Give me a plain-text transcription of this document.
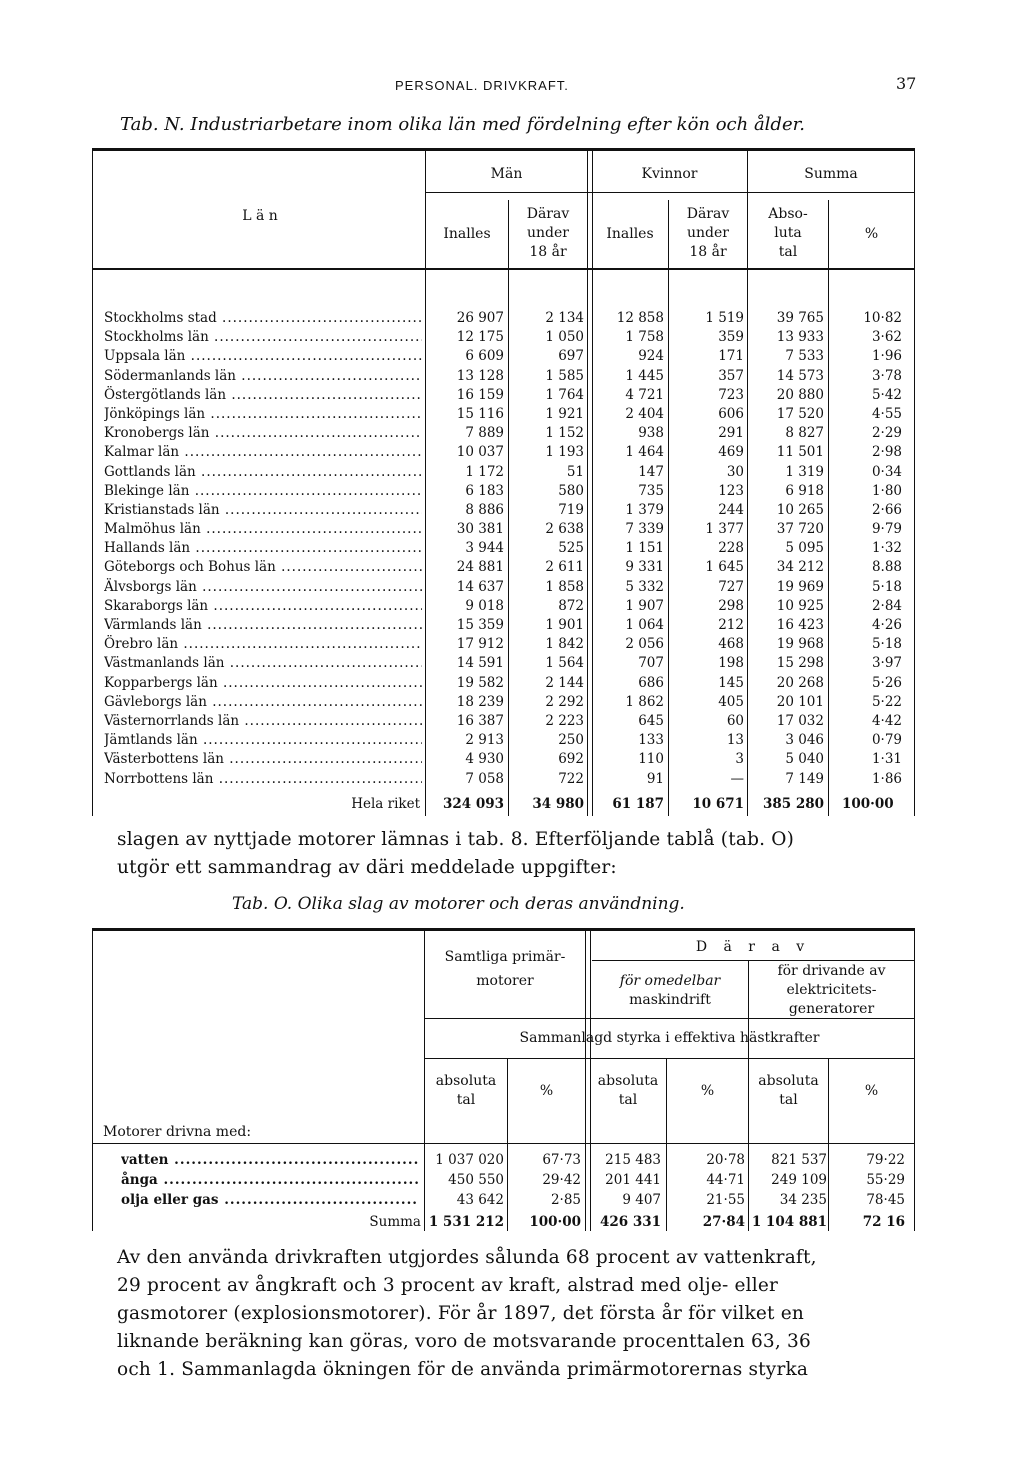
PERSONAL. DRIVKRAFT.	37
Tab. N. Industriarbetare inom olika län med fördelning efter kön och ålder.
L ä n
Män	Kvinnor	Summa
Inalles
Därav
under
18 år
Inalles
Därav
under
18 år
Abso-
luta
tal
%
Stockholms stad .....	26 907	2 134	12 858	1 519	39 765	10·82
Stockholms län .....	12 175	1 050	1 758	359	13 933	3·62
Uppsala län .....	6 609	697	924	171	7 533	1·96
Södermanlands län .....	13 128	1 585	1 445	357	14 573	3·78
Östergötlands län .....	16 159	1 764	4 721	723	20 880	5·42
Jönköpings län .....	15 116	1 921	2 404	606	17 520	4·55
Kronobergs län .....	7 889	1 152	938	291	8 827	2·29
Kalmar län .....	10 037	1 193	1 464	469	11 501	2·98
Gottlands län .....	1 172	51	147	30	1 319	0·34
Blekinge län .....	6 183	580	735	123	6 918	1·80
Kristianstads län .....	8 886	719	1 379	244	10 265	2·66
Malmöhus län .....	30 381	2 638	7 339	1 377	37 720	9·79
Hallands län .....	3 944	525	1 151	228	5 095	1·32
Göteborgs och Bohus län .....	24 881	2 611	9 331	1 645	34 212	8.88
Älvsborgs län .....	14 637	1 858	5 332	727	19 969	5·18
Skaraborgs län .....	9 018	872	1 907	298	10 925	2·84
Värmlands län .....	15 359	1 901	1 064	212	16 423	4·26
Örebro län .....	17 912	1 842	2 056	468	19 968	5·18
Västmanlands län .....	14 591	1 564	707	198	15 298	3·97
Kopparbergs län .....	19 582	2 144	686	145	20 268	5·26
Gävleborgs län .....	18 239	2 292	1 862	405	20 101	5·22
Västernorrlands län .....	16 387	2 223	645	60	17 032	4·42
Jämtlands län .....	2 913	250	133	13	3 046	0·79
Västerbottens län .....	4 930	692	110	3	5 040	1·31
Norrbottens län .....	7 058	722	91	—	7 149	1·86
Hela riket	324 093	34 980	61 187	10 671	385 280	100·00
slagen av nyttjade motorer lämnas i tab. 8. Efterföljande tablå (tab. O)
utgör ett sammandrag av däri meddelade uppgifter:
Tab. O. Olika slag av motorer och deras användning.
Samtliga primär-
motorer
D ä r a v
för omedelbar
maskindrift
för drivande av
elektricitets-
generatorer
Sammanlagd styrka i effektiva hästkrafter
absoluta
tal
%
absoluta
tal
%
absoluta
tal
%
Motorer drivna med:
vatten .....	1 037 020	67·73	215 483	20·78	821 537	79·22
ånga .....	450 550	29·42	201 441	44·71	249 109	55·29
olja eller gas .....	43 642	2·85	9 407	21·55	34 235	78·45
Summa 1 531 212	100·00	426 331	27·84 1 104 881	72 16
Av den använda drivkraften utgjordes sålunda 68 procent av vattenkraft,
29 procent av ångkraft och 3 procent av kraft, alstrad med olje- eller
gasmotorer (explosionsmotorer). För år 1897, det första år för vilket en
liknande beräkning kan göras, voro de motsvarande procenttalen 63, 36
och 1. Sammanlagda ökningen för de använda primärmotorernas styrka
